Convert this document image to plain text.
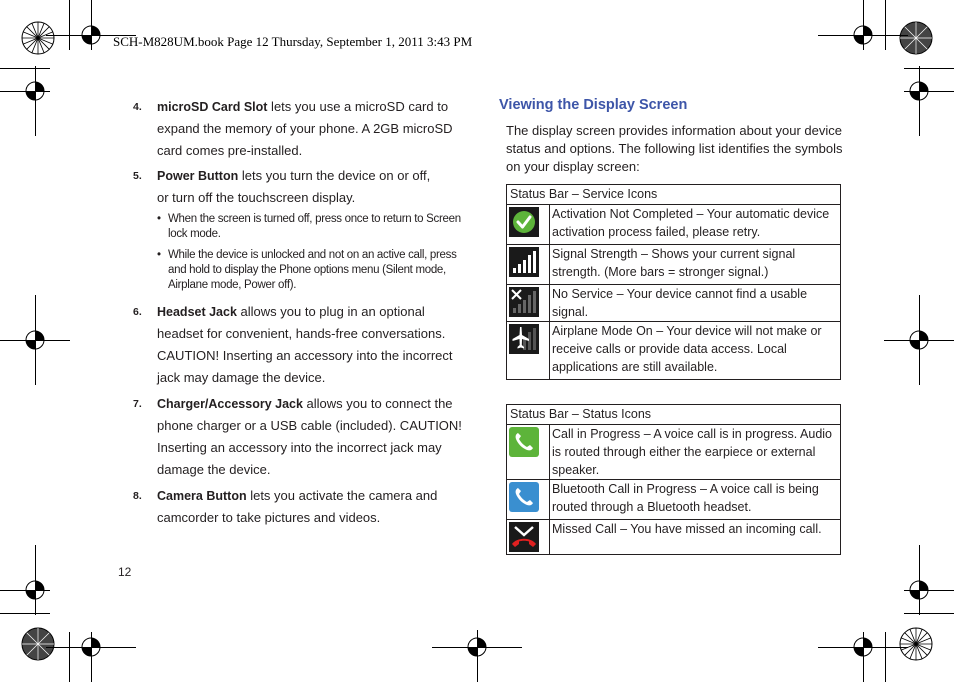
SCH-M828UM.book Page 12 Thursday, September 1, 2011 3:43 PM
4. microSD Card Slot lets you use a microSD card to expand the memory of your phone. A 2GB microSD card comes pre-installed.
5. Power Button lets you turn the device on or off,
or turn off the touchscreen display.
• When the screen is turned off, press once to return to Screen lock mode.
• While the device is unlocked and not on an active call, press and hold to display the Phone options menu (Silent mode, Airplane mode, Power off).
6. Headset Jack allows you to plug in an optional headset for convenient, hands-free conversations. CAUTION! Inserting an accessory into the incorrect jack may damage the device.
7. Charger/Accessory Jack allows you to connect the phone charger or a USB cable (included). CAUTION! Inserting an accessory into the incorrect jack may damage the device.
8. Camera Button lets you activate the camera and camcorder to take pictures and videos.
Viewing the Display Screen
The display screen provides information about your device status and options. The following list identifies the symbols on your display screen:
Status Bar – Service Icons	

	Activation Not Completed – Your automatic device activation process failed, please retry.

	Signal Strength – Shows your current signal strength. (More bars = stronger signal.)

	No Service – Your device cannot find a usable signal.

	Airplane Mode On – Your device will not make or receive calls or provide data access. Local applications are still available.
Status Bar – Status Icons	

	Call in Progress – A voice call is in progress. Audio is routed through either the earpiece or external speaker.

	Bluetooth Call in Progress – A voice call is being routed through a Bluetooth headset.

	Missed Call – You have missed an incoming call.
12
